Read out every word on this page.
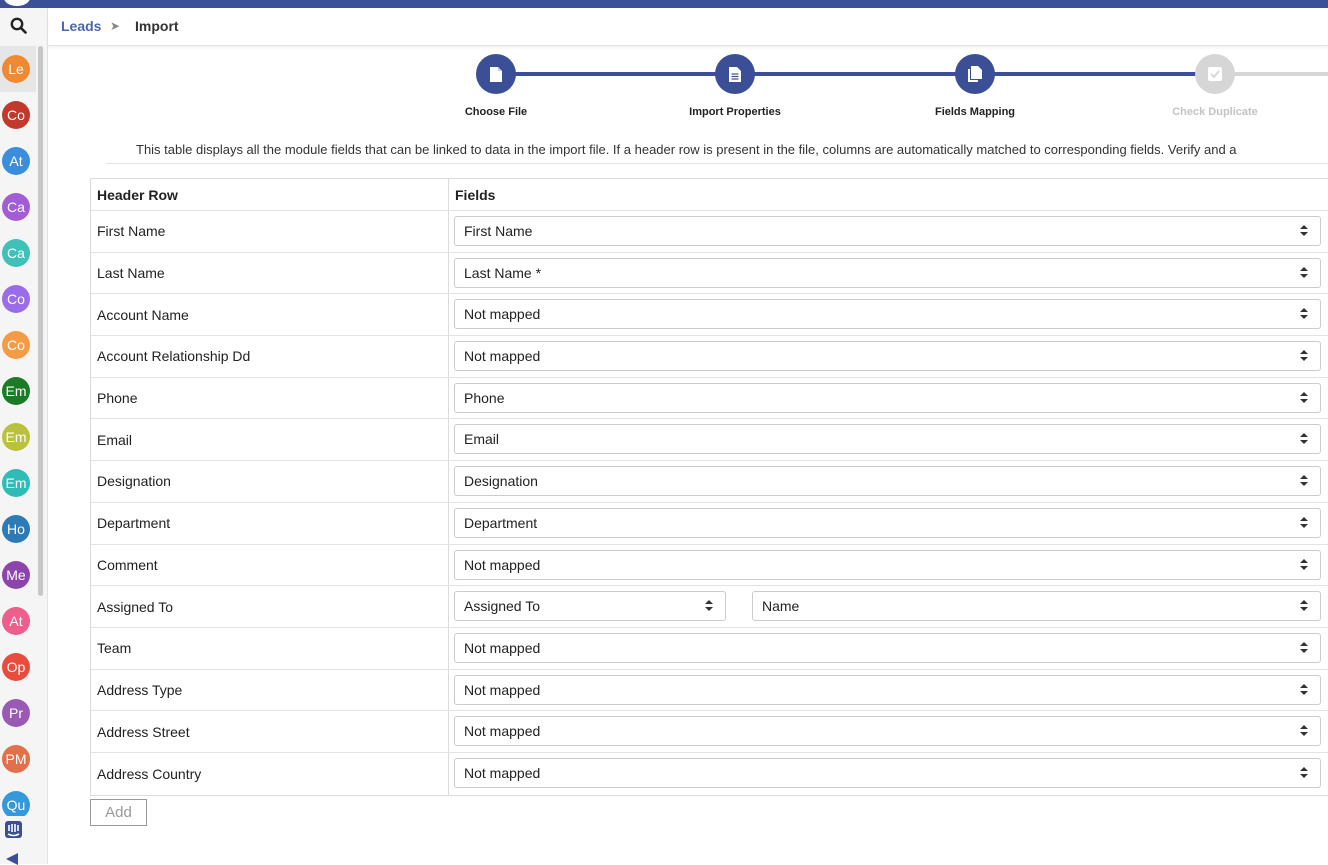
Le
Co
At
Ca
Ca
Co
Co
Em
Em
Em
Ho
Me
At
Op
Pr
PM
Qu
Leads ➤ Import
Choose File	Import Properties	Fields Mapping	Check Duplicate
This table displays all the module fields that can be linked to data in the import file. If a header row is present in the file, columns are automatically matched to corresponding fields. Verify and a
Header Row	Fields
First Name	First Name
Last Name	Last Name *
Account Name	Not mapped
Account Relationship Dd	Not mapped
Phone	Phone
Email	Email
Designation	Designation
Department	Department
Comment	Not mapped
Assigned To	Assigned To	Name
Team	Not mapped
Address Type	Not mapped
Address Street	Not mapped
Address Country	Not mapped
Add
